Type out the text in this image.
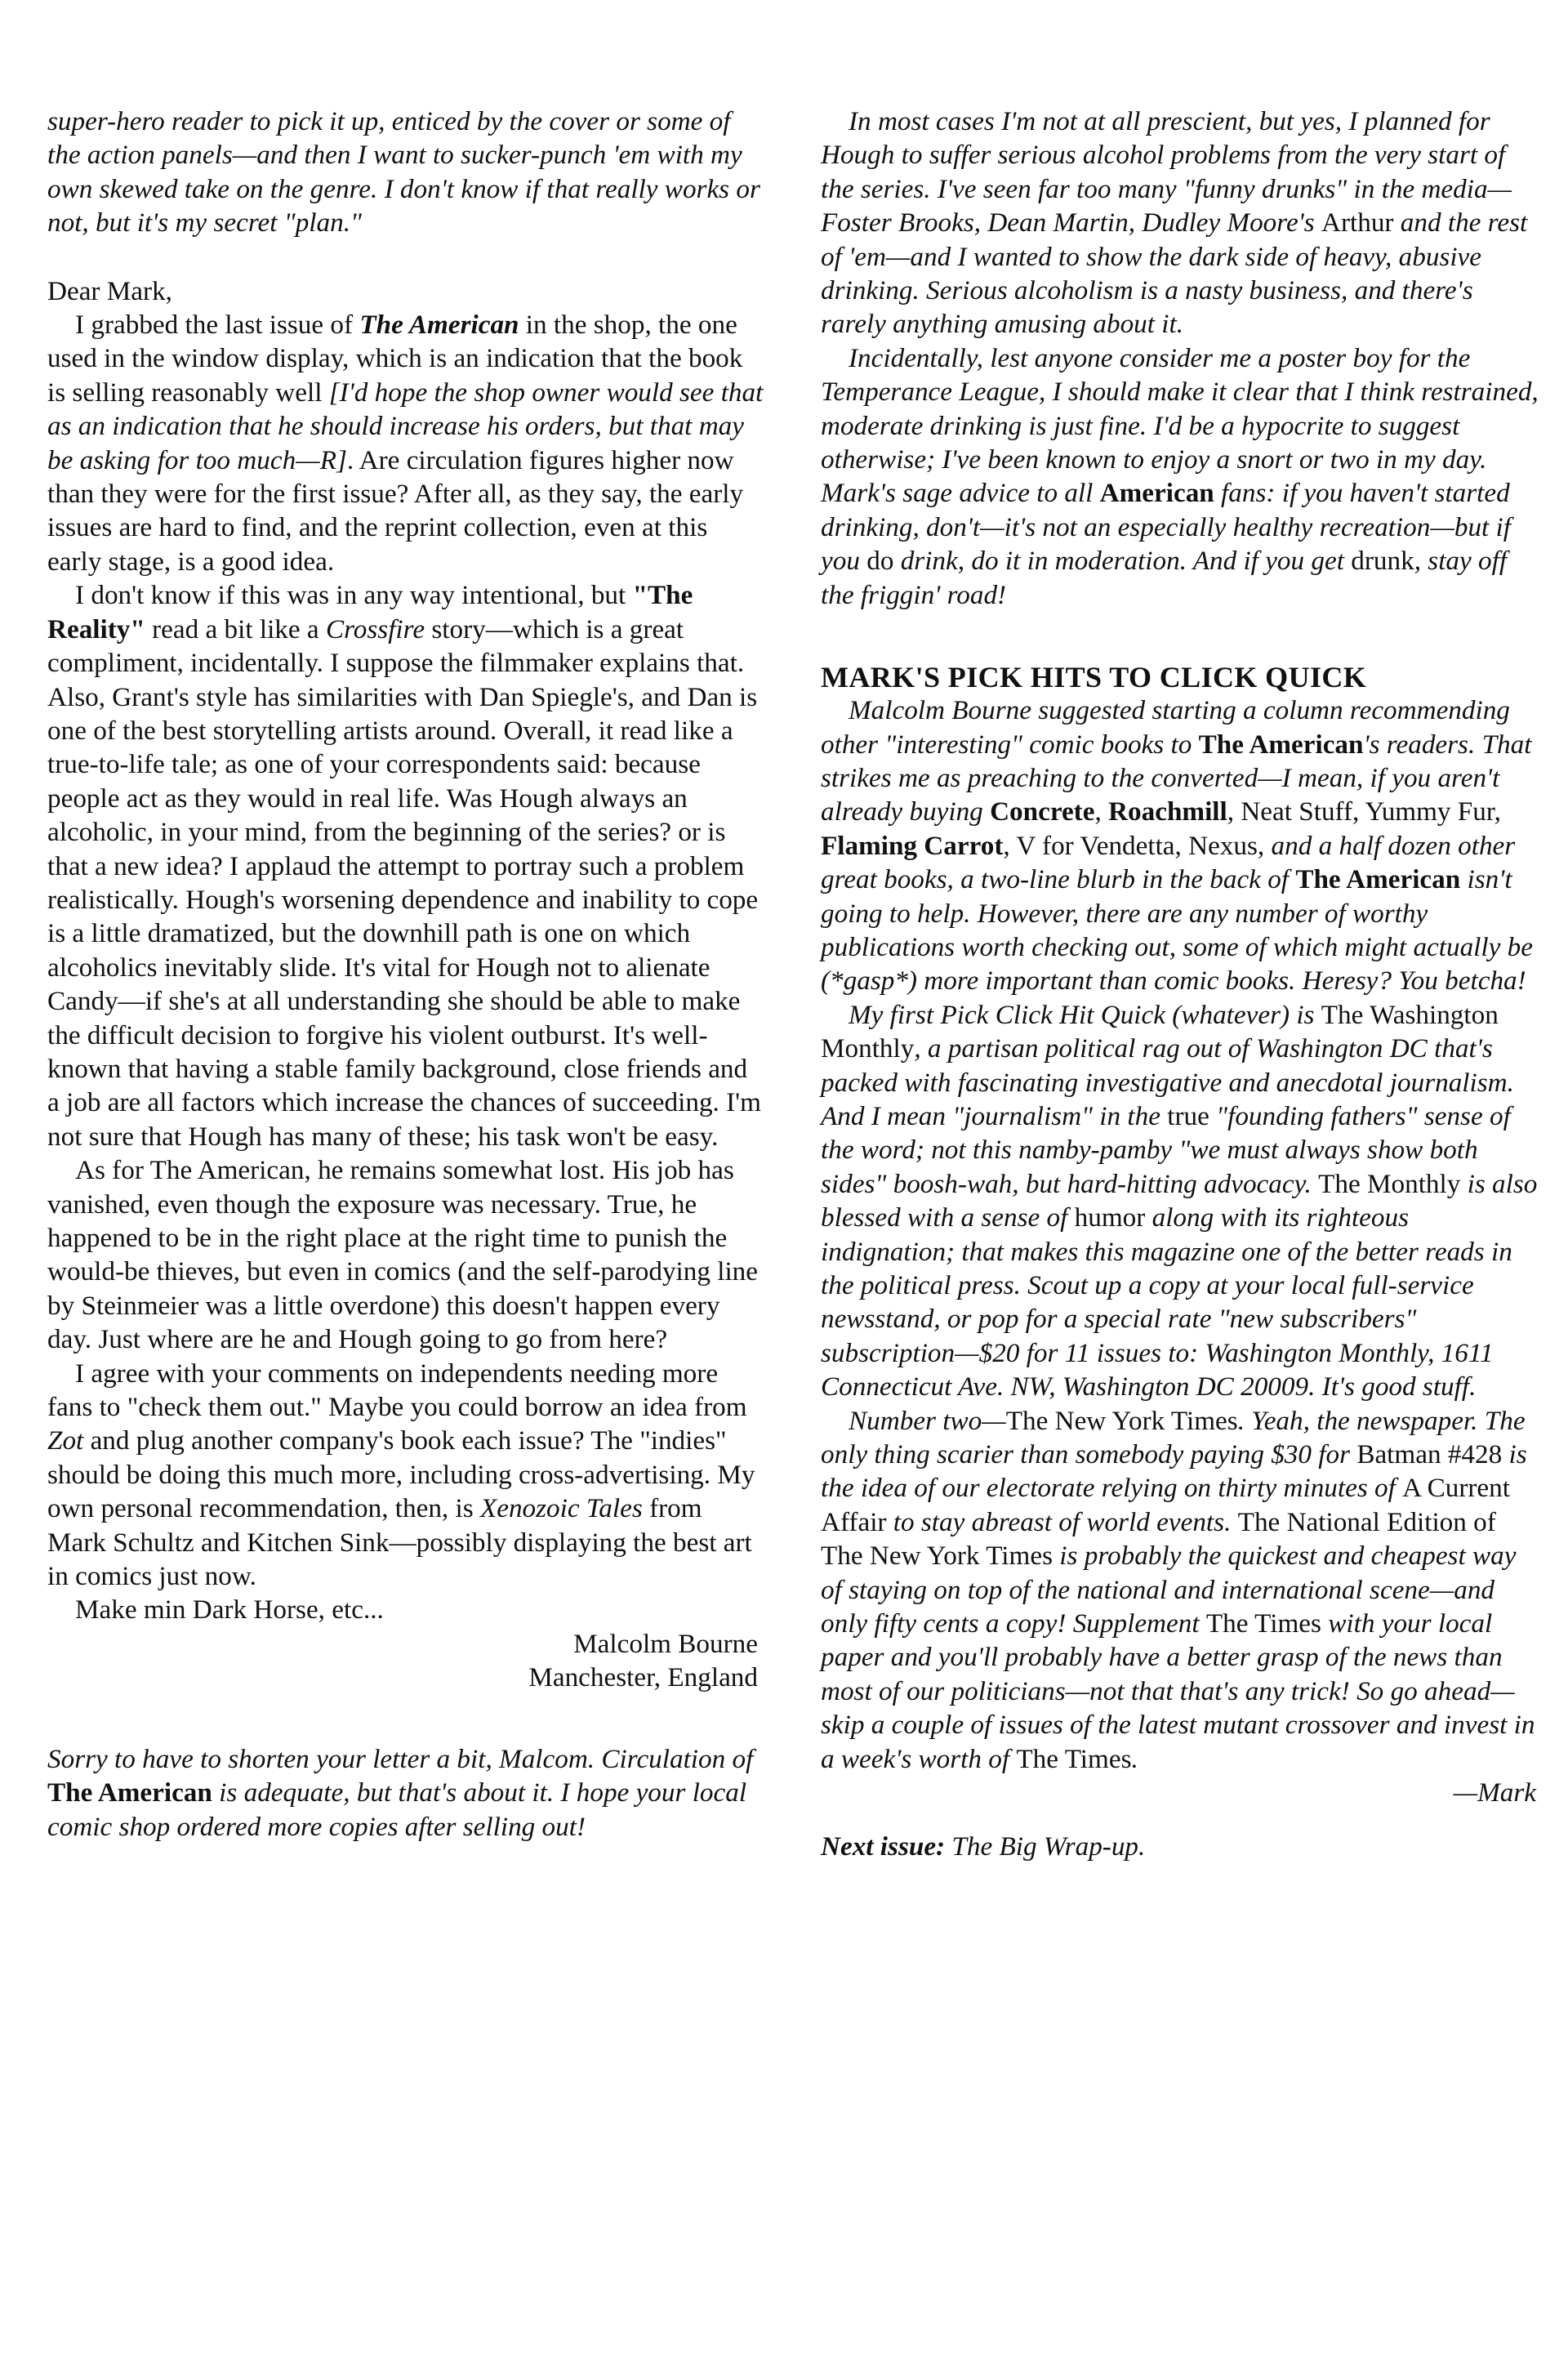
super-hero reader to pick it up, enticed by the cover or some of the action panels—and then I want to sucker-punch 'em with my own skewed take on the genre. I don't know if that really works or not, but it's my secret "plan."

Dear Mark,

I grabbed the last issue of The American in the shop, the one used in the window display, which is an indication that the book is selling reasonably well [I'd hope the shop owner would see that as an indication that he should increase his orders, but that may be asking for too much—R]. Are circulation figures higher now than they were for the first issue? After all, as they say, the early issues are hard to find, and the reprint collection, even at this early stage, is a good idea.

I don't know if this was in any way intentional, but "The Reality" read a bit like a Crossfire story—which is a great compliment, incidentally. I suppose the filmmaker explains that. Also, Grant's style has similarities with Dan Spiegle's, and Dan is one of the best storytelling artists around. Overall, it read like a true-to-life tale; as one of your correspondents said: because people act as they would in real life. Was Hough always an alcoholic, in your mind, from the beginning of the series? or is that a new idea? I applaud the attempt to portray such a problem realistically. Hough's worsening dependence and inability to cope is a little dramatized, but the downhill path is one on which alcoholics inevitably slide. It's vital for Hough not to alienate Candy—if she's at all understanding she should be able to make the difficult decision to forgive his violent outburst. It's well-known that having a stable family background, close friends and a job are all factors which increase the chances of succeeding. I'm not sure that Hough has many of these; his task won't be easy.

As for The American, he remains somewhat lost. His job has vanished, even though the exposure was necessary. True, he happened to be in the right place at the right time to punish the would-be thieves, but even in comics (and the self-parodying line by Steinmeier was a little overdone) this doesn't happen every day. Just where are he and Hough going to go from here?

I agree with your comments on independents needing more fans to "check them out." Maybe you could borrow an idea from Zot and plug another company's book each issue? The "indies" should be doing this much more, including cross-advertising. My own personal recommendation, then, is Xenozoic Tales from Mark Schultz and Kitchen Sink—possibly displaying the best art in comics just now.

Make min Dark Horse, etc...

Malcolm Bourne

Manchester, England

Sorry to have to shorten your letter a bit, Malcom. Circulation of The American is adequate, but that's about it. I hope your local comic shop ordered more copies after selling out!

In most cases I'm not at all prescient, but yes, I planned for Hough to suffer serious alcohol problems from the very start of the series. I've seen far too many "funny drunks" in the media—Foster Brooks, Dean Martin, Dudley Moore's Arthur and the rest of 'em—and I wanted to show the dark side of heavy, abusive drinking. Serious alcoholism is a nasty business, and there's rarely anything amusing about it.

Incidentally, lest anyone consider me a poster boy for the Temperance League, I should make it clear that I think restrained, moderate drinking is just fine. I'd be a hypocrite to suggest otherwise; I've been known to enjoy a snort or two in my day. Mark's sage advice to all American fans: if you haven't started drinking, don't—it's not an especially healthy recreation—but if you do drink, do it in moderation. And if you get drunk, stay off the friggin' road!

MARK'S PICK HITS TO CLICK QUICK

Malcolm Bourne suggested starting a column recommending other "interesting" comic books to The American's readers. That strikes me as preaching to the converted—I mean, if you aren't already buying Concrete, Roachmill, Neat Stuff, Yummy Fur, Flaming Carrot, V for Vendetta, Nexus, and a half dozen other great books, a two-line blurb in the back of The American isn't going to help. However, there are any number of worthy publications worth checking out, some of which might actually be (*gasp*) more important than comic books. Heresy? You betcha!

My first Pick Click Hit Quick (whatever) is The Washington Monthly, a partisan political rag out of Washington DC that's packed with fascinating investigative and anecdotal journalism. And I mean "journalism" in the true "founding fathers" sense of the word; not this namby-pamby "we must always show both sides" boosh-wah, but hard-hitting advocacy. The Monthly is also blessed with a sense of humor along with its righteous indignation; that makes this magazine one of the better reads in the political press. Scout up a copy at your local full-service newsstand, or pop for a special rate "new subscribers" subscription—$20 for 11 issues to: Washington Monthly, 1611 Connecticut Ave. NW, Washington DC 20009. It's good stuff.

Number two—The New York Times. Yeah, the newspaper. The only thing scarier than somebody paying $30 for Batman #428 is the idea of our electorate relying on thirty minutes of A Current Affair to stay abreast of world events. The National Edition of The New York Times is probably the quickest and cheapest way of staying on top of the national and international scene—and only fifty cents a copy! Supplement The Times with your local paper and you'll probably have a better grasp of the news than most of our politicians—not that that's any trick! So go ahead—skip a couple of issues of the latest mutant crossover and invest in a week's worth of The Times.

—Mark

Next issue: The Big Wrap-up.
